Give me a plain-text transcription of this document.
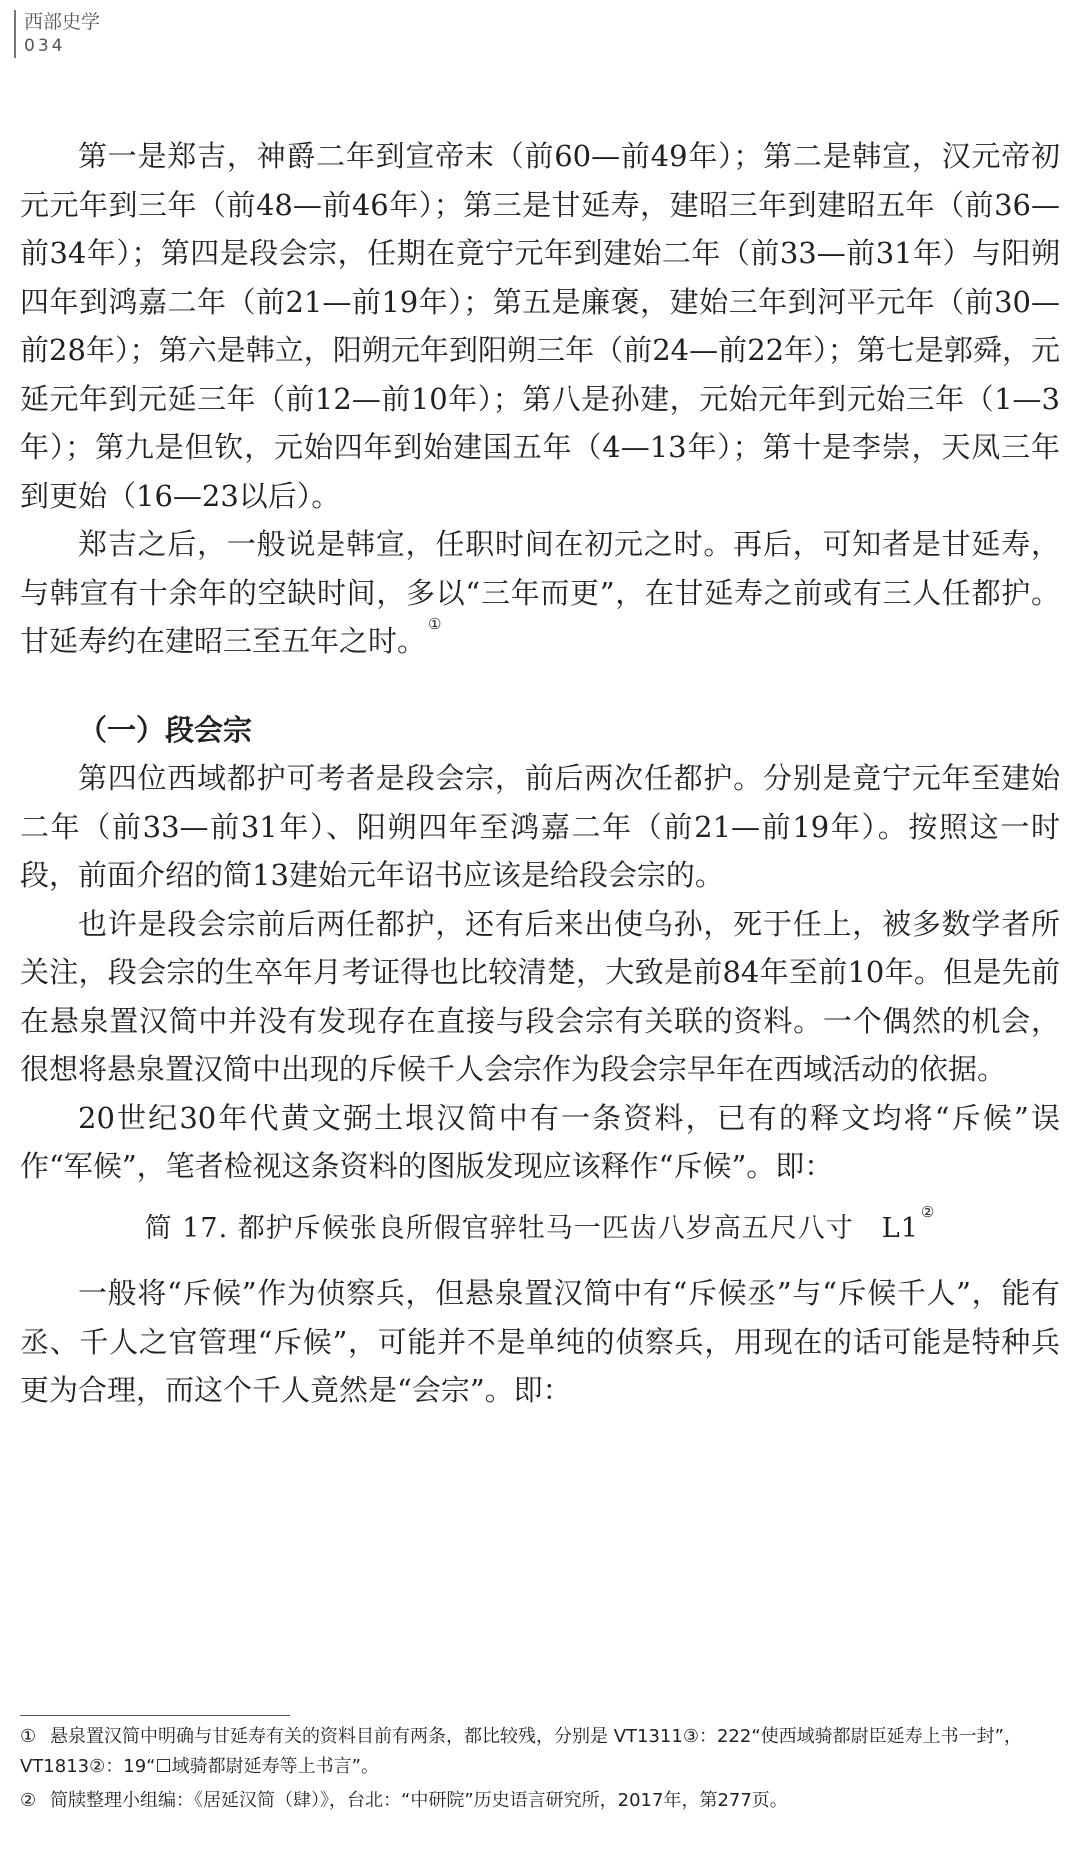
西部史学
034

第一是郑吉，神爵二年到宣帝末（前60—前49年）；第二是韩宣，汉元帝初元元年到三年（前48—前46年）；第三是甘延寿，建昭三年到建昭五年（前36—前34年）；第四是段会宗，任期在竟宁元年到建始二年（前33—前31年）与阳朔四年到鸿嘉二年（前21—前19年）；第五是廉褒，建始三年到河平元年（前30—前28年）；第六是韩立，阳朔元年到阳朔三年（前24—前22年）；第七是郭舜，元延元年到元延三年（前12—前10年）；第八是孙建，元始元年到元始三年（1—3年）；第九是但钦，元始四年到始建国五年（4—13年）；第十是李崇，天凤三年到更始（16—23以后）。

郑吉之后，一般说是韩宣，任职时间在初元之时。再后，可知者是甘延寿，与韩宣有十余年的空缺时间，多以“三年而更”，在甘延寿之前或有三人任都护。甘延寿约在建昭三至五年之时。 ①

（一）段会宗

第四位西域都护可考者是段会宗，前后两次任都护。分别是竟宁元年至建始二年（前33—前31年）、阳朔四年至鸿嘉二年（前21—前19年）。按照这一时段，前面介绍的简13建始元年诏书应该是给段会宗的。

也许是段会宗前后两任都护，还有后来出使乌孙，死于任上，被多数学者所关注，段会宗的生卒年月考证得也比较清楚，大致是前84年至前10年。但是先前在悬泉置汉简中并没有发现存在直接与段会宗有关联的资料。一个偶然的机会，很想将悬泉置汉简中出现的斥候千人会宗作为段会宗早年在西域活动的依据。

20世纪30年代黄文弼土垠汉简中有一条资料，已有的释文均将“斥候”误作“军候”，笔者检视这条资料的图版发现应该释作“斥候”。即：

简 17. 都护斥候张良所假官骍牡马一匹齿八岁高五尺八寸　L1②

一般将“斥候”作为侦察兵，但悬泉置汉简中有“斥候丞”与“斥候千人”，能有丞、千人之官管理“斥候”，可能并不是单纯的侦察兵，用现在的话可能是特种兵更为合理，而这个千人竟然是“会宗”。即：

① 悬泉置汉简中明确与甘延寿有关的资料目前有两条，都比较残，分别是 VT1311③：222“使西域骑都尉臣延寿上书一封”，VT1813②：19“☐域骑都尉延寿等上书言”。

② 简牍整理小组编：《居延汉简（肆）》，台北：“中研院”历史语言研究所，2017年，第277页。
